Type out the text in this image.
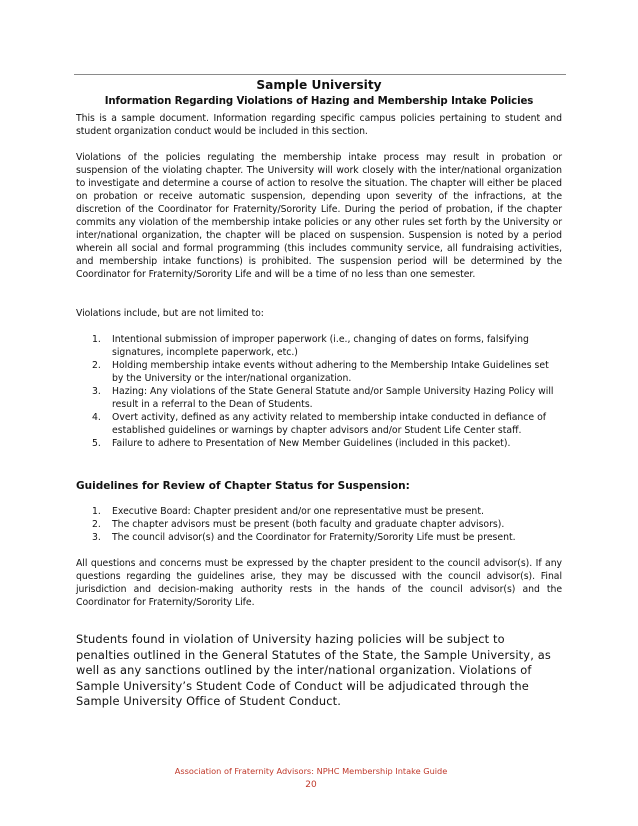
Sample University
Information Regarding Violations of Hazing and Membership Intake Policies

This is a sample document. Information regarding specific campus policies pertaining to student and student organization conduct would be included in this section.

Violations of the policies regulating the membership intake process may result in probation or suspension of the violating chapter. The University will work closely with the inter/national organization to investigate and determine a course of action to resolve the situation. The chapter will either be placed on probation or receive automatic suspension, depending upon severity of the infractions, at the discretion of the Coordinator for Fraternity/Sorority Life. During the period of probation, if the chapter commits any violation of the membership intake policies or any other rules set forth by the University or inter/national organization, the chapter will be placed on suspension. Suspension is noted by a period wherein all social and formal programming (this includes community service, all fundraising activities, and membership intake functions) is prohibited. The suspension period will be determined by the Coordinator for Fraternity/Sorority Life and will be a time of no less than one semester.

Violations include, but are not limited to:

1. Intentional submission of improper paperwork (i.e., changing of dates on forms, falsifying signatures, incomplete paperwork, etc.)
2. Holding membership intake events without adhering to the Membership Intake Guidelines set by the University or the inter/national organization.
3. Hazing: Any violations of the State General Statute and/or Sample University Hazing Policy will result in a referral to the Dean of Students.
4. Overt activity, defined as any activity related to membership intake conducted in defiance of established guidelines or warnings by chapter advisors and/or Student Life Center staff.
5. Failure to adhere to Presentation of New Member Guidelines (included in this packet).
Guidelines for Review of Chapter Status for Suspension:
1. Executive Board: Chapter president and/or one representative must be present.
2. The chapter advisors must be present (both faculty and graduate chapter advisors).
3. The council advisor(s) and the Coordinator for Fraternity/Sorority Life must be present.

All questions and concerns must be expressed by the chapter president to the council advisor(s). If any questions regarding the guidelines arise, they may be discussed with the council advisor(s). Final jurisdiction and decision-making authority rests in the hands of the council advisor(s) and the Coordinator for Fraternity/Sorority Life.

Students found in violation of University hazing policies will be subject to penalties outlined in the General Statutes of the State, the Sample University, as well as any sanctions outlined by the inter/national organization. Violations of Sample University’s Student Code of Conduct will be adjudicated through the Sample University Office of Student Conduct.

Association of Fraternity Advisors: NPHC Membership Intake Guide
20
